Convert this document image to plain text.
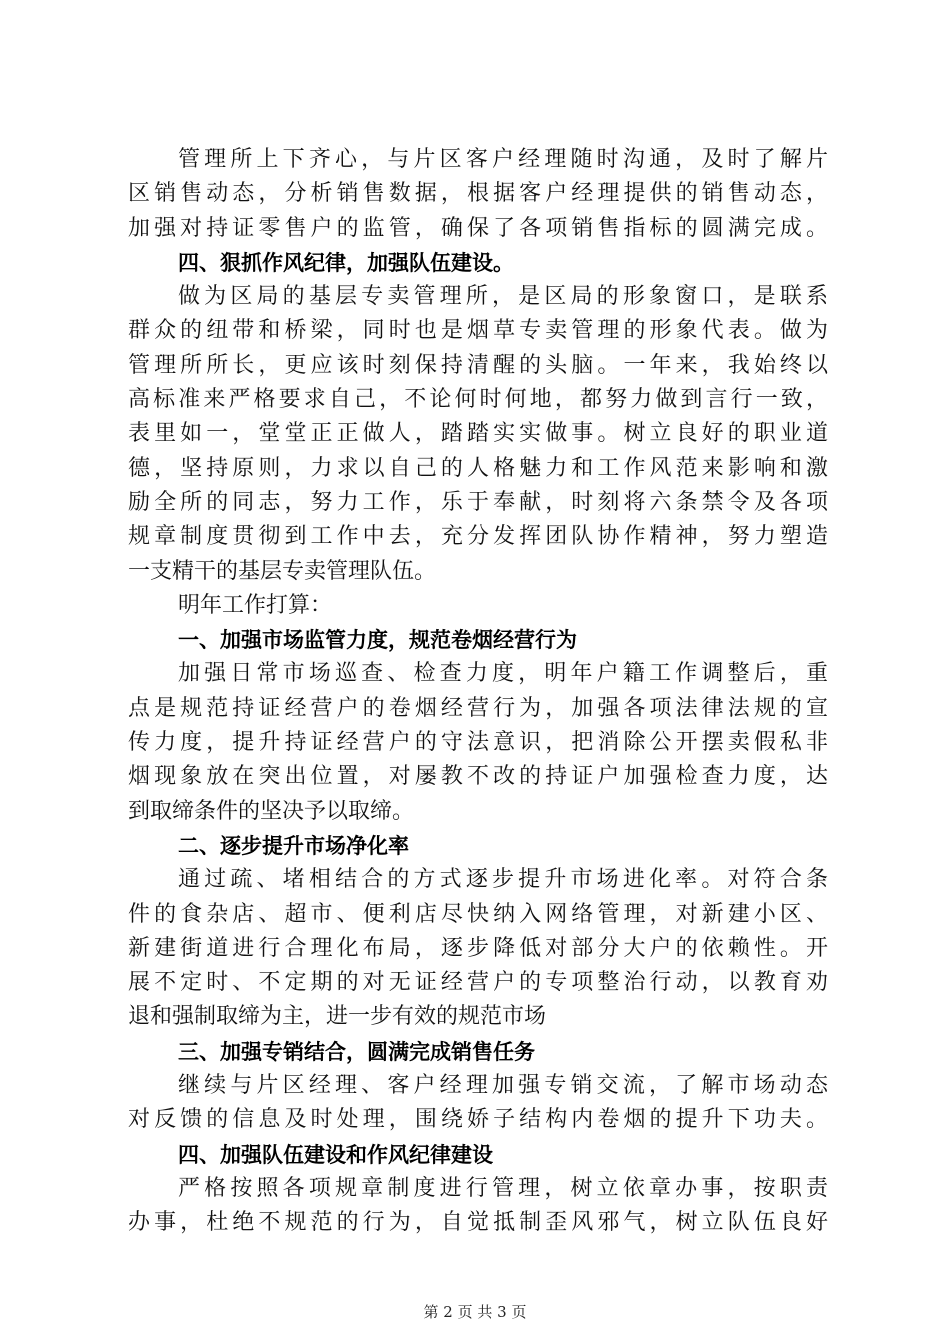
管理所上下齐心，与片区客户经理随时沟通，及时了解片
区销售动态，分析销售数据，根据客户经理提供的销售动态，
加强对持证零售户的监管，确保了各项销售指标的圆满完成。
四、狠抓作风纪律，加强队伍建设。
做为区局的基层专卖管理所，是区局的形象窗口，是联系
群众的纽带和桥梁，同时也是烟草专卖管理的形象代表。做为
管理所所长，更应该时刻保持清醒的头脑。一年来，我始终以
高标准来严格要求自己，不论何时何地，都努力做到言行一致，
表里如一，堂堂正正做人，踏踏实实做事。树立良好的职业道
德，坚持原则，力求以自己的人格魅力和工作风范来影响和激
励全所的同志，努力工作，乐于奉献，时刻将六条禁令及各项
规章制度贯彻到工作中去，充分发挥团队协作精神，努力塑造
一支精干的基层专卖管理队伍。
明年工作打算：
一、加强市场监管力度，规范卷烟经营行为
加强日常市场巡查、检查力度，明年户籍工作调整后，重
点是规范持证经营户的卷烟经营行为，加强各项法律法规的宣
传力度，提升持证经营户的守法意识，把消除公开摆卖假私非
烟现象放在突出位置，对屡教不改的持证户加强检查力度，达
到取缔条件的坚决予以取缔。
二、逐步提升市场净化率
通过疏、堵相结合的方式逐步提升市场进化率。对符合条
件的食杂店、超市、便利店尽快纳入网络管理，对新建小区、
新建街道进行合理化布局，逐步降低对部分大户的依赖性。开
展不定时、不定期的对无证经营户的专项整治行动，以教育劝
退和强制取缔为主，进一步有效的规范市场
三、加强专销结合，圆满完成销售任务
继续与片区经理、客户经理加强专销交流，了解市场动态
对反馈的信息及时处理，围绕娇子结构内卷烟的提升下功夫。
四、加强队伍建设和作风纪律建设
严格按照各项规章制度进行管理，树立依章办事，按职责
办事，杜绝不规范的行为，自觉抵制歪风邪气，树立队伍良好
第 2 页 共 3 页
